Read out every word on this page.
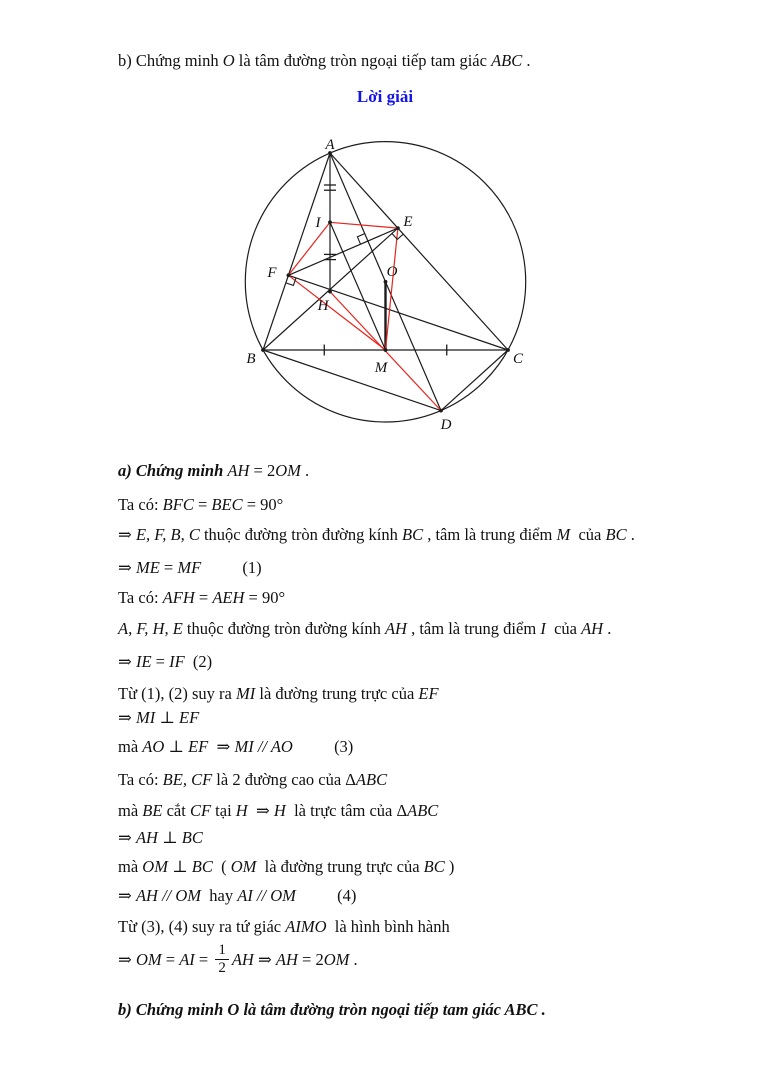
b) Chứng minh O là tâm đường tròn ngoại tiếp tam giác ABC .
Lời giải
a) Chứng minh AH = 2OM .
Ta có: BFC = BEC = 90°
⇒ E, F, B, C thuộc đường tròn đường kính BC , tâm là trung điểm M  của BC .
⇒ ME = MF          (1)
Ta có: AFH = AEH = 90°
A, F, H, E thuộc đường tròn đường kính AH , tâm là trung điểm I  của AH .
⇒ IE = IF  (2)
Từ (1), (2) suy ra MI là đường trung trực của EF
⇒ MI ⊥ EF
mà AO ⊥ EF  ⇒ MI // AO          (3)
Ta có: BE, CF là 2 đường cao của ΔABC
mà BE cắt CF tại H  ⇒ H  là trực tâm của ΔABC
⇒ AH ⊥ BC
mà OM ⊥ BC  ( OM  là đường trung trực của BC )
⇒ AH // OM  hay AI // OM          (4)
Từ (3), (4) suy ra tứ giác AIMO  là hình bình hành
⇒ OM = AI = $\frac{1}{2}$ AH ⇒ AH = 2 OM .
b) Chứng minh O là tâm đường tròn ngoại tiếp tam giác ABC .
A
B	C
D
E
F
H
I
M
O
